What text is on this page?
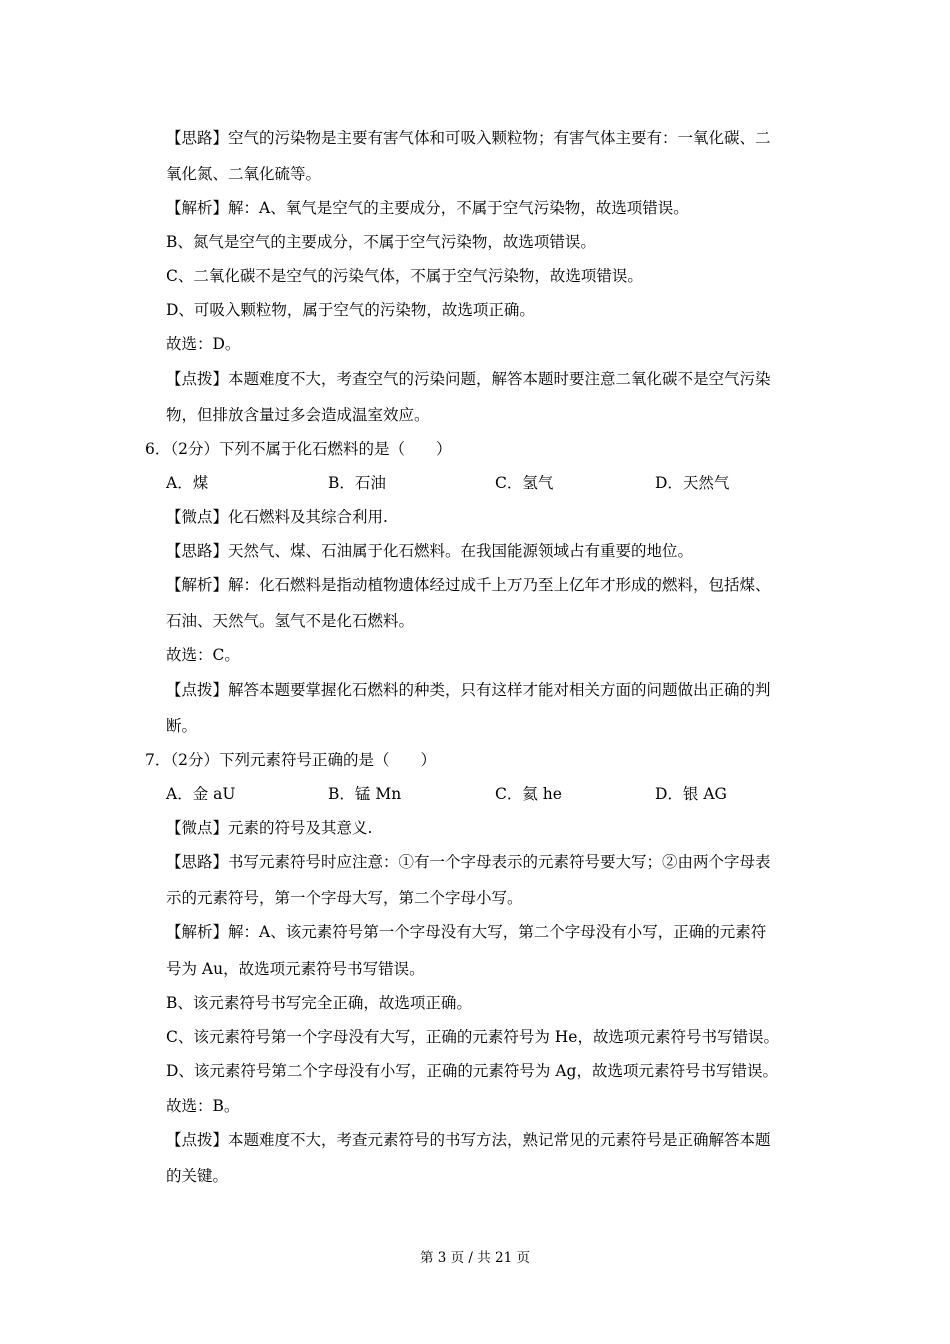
【思路】空气的污染物是主要有害气体和可吸入颗粒物；有害气体主要有：一氧化碳、二
氧化氮、二氧化硫等。
【解析】解：A、氧气是空气的主要成分，不属于空气污染物，故选项错误。
B、氮气是空气的主要成分，不属于空气污染物，故选项错误。
C、二氧化碳不是空气的污染气体，不属于空气污染物，故选项错误。
D、可吸入颗粒物，属于空气的污染物，故选项正确。
故选：D。
【点拨】本题难度不大，考查空气的污染问题，解答本题时要注意二氧化碳不是空气污染
物，但排放含量过多会造成温室效应。
6．（2分）下列不属于化石燃料的是（　　）
A．煤	B．石油	C．氢气	D．天然气
【微点】化石燃料及其综合利用.
【思路】天然气、煤、石油属于化石燃料。在我国能源领域占有重要的地位。
【解析】解：化石燃料是指动植物遗体经过成千上万乃至上亿年才形成的燃料，包括煤、
石油、天然气。氢气不是化石燃料。
故选：C。
【点拨】解答本题要掌握化石燃料的种类，只有这样才能对相关方面的问题做出正确的判
断。
7．（2分）下列元素符号正确的是（　　）
A．金 aU	B．锰 Mn	C．氦 he	D．银 AG
【微点】元素的符号及其意义.
【思路】书写元素符号时应注意：①有一个字母表示的元素符号要大写；②由两个字母表
示的元素符号，第一个字母大写，第二个字母小写。
【解析】解：A、该元素符号第一个字母没有大写，第二个字母没有小写，正确的元素符
号为 Au，故选项元素符号书写错误。
B、该元素符号书写完全正确，故选项正确。
C、该元素符号第一个字母没有大写，正确的元素符号为 He，故选项元素符号书写错误。
D、该元素符号第二个字母没有小写，正确的元素符号为 Ag，故选项元素符号书写错误。
故选：B。
【点拨】本题难度不大，考查元素符号的书写方法，熟记常见的元素符号是正确解答本题
的关键。
第 3 页 / 共 21 页
